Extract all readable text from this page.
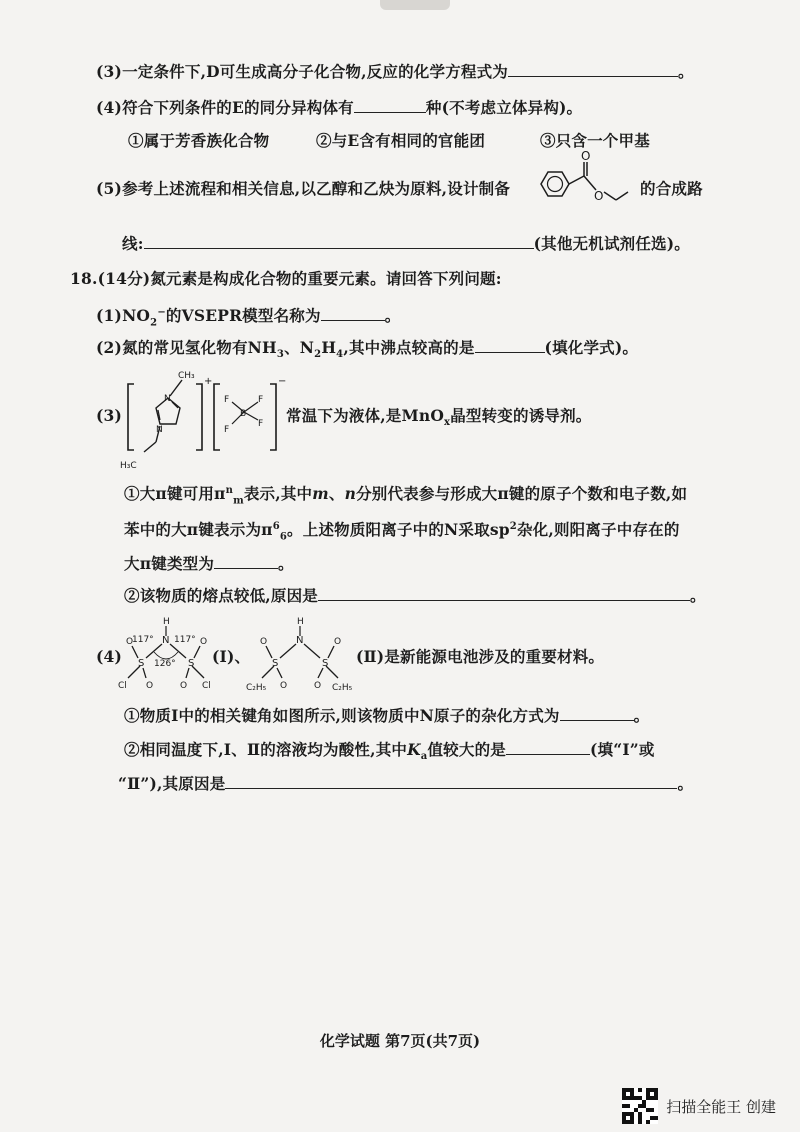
(3)一定条件下,D可生成高分子化合物,反应的化学方程式为	。
(4)符合下列条件的E的同分异构体有	种(不考虑立体异构)。
①属于芳香族化合物	②与E含有相同的官能团	③只含一个甲基
(5)参考上述流程和相关信息,以乙醇和乙炔为原料,设计制备
O
O 的合成路
线:	(其他无机试剂任选)。
18.(14分)氮元素是构成化合物的重要元素。请回答下列问题:
$(1)NO_2^-$的VSEPR模型名称为	。
(2)氮的常见氢化物有$NH_3$、$N_2H_4$,其中沸点较高的是	(填化学式)。
(3)
CH₃
N
N
H₃C
+
B
F	F
F
F
−
常温下为液体,是MnO$_x$晶型转变的诱导剂。
①大π键可用$\pi^n_m$表示,其中m、n分别代表参与形成大π键的原子个数和电子数,如
苯中的大π键表示为$\pi^6_6$。上述物质阳离子中的N采取$sp^2$杂化,则阳离子中存在的
大π键类型为	。
②该物质的熔点较低,原因是	。
(4)
H
N
117° 117°
126°
S	S
O
O	O
O
Cl	Cl
(Ⅰ)、
H
N
S	S
O
O	O
O
C₂H₅	C₂H₅
(Ⅱ)是新能源电池涉及的重要材料。
①物质Ⅰ中的相关键角如图所示,则该物质中N原子的杂化方式为	。
②相同温度下,Ⅰ、Ⅱ的溶液均为酸性,其中$K_a$值较大的是	(填“Ⅰ”或
“Ⅱ”),其原因是	。
化学试题 第7页(共7页)
扫描全能王 创建
